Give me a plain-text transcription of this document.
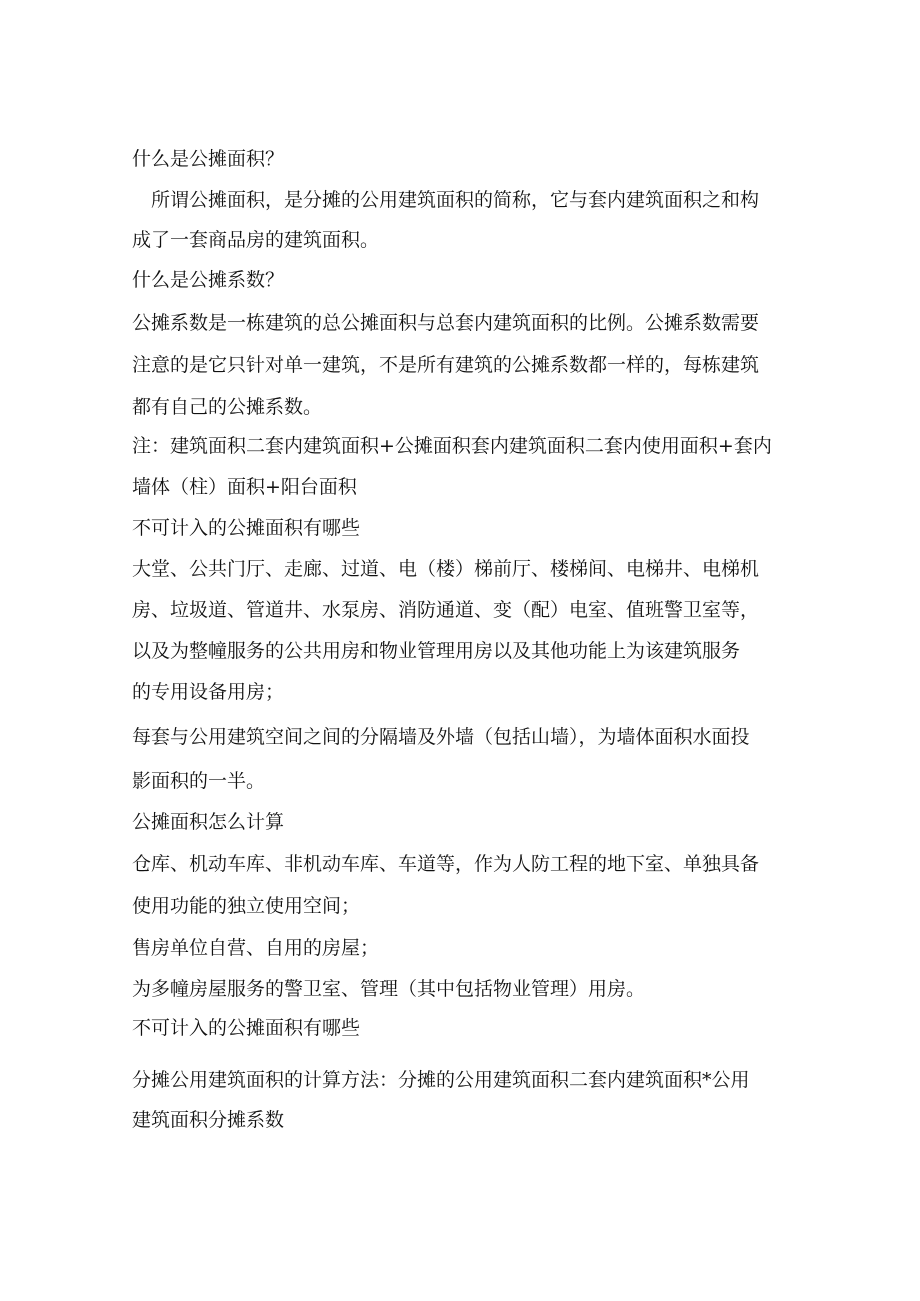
什么是公摊面积？

　所谓公摊面积，是分摊的公用建筑面积的简称，它与套内建筑面积之和构

成了一套商品房的建筑面积。

什么是公摊系数？

公摊系数是一栋建筑的总公摊面积与总套内建筑面积的比例。公摊系数需要

注意的是它只针对单一建筑，不是所有建筑的公摊系数都一样的，每栋建筑

都有自己的公摊系数。

注：建筑面积二套内建筑面积+公摊面积套内建筑面积二套内使用面积+套内

墙体（柱）面积+阳台面积

不可计入的公摊面积有哪些

大堂、公共门厅、走廊、过道、电（楼）梯前厅、楼梯间、电梯井、电梯机

房、垃圾道、管道井、水泵房、消防通道、变（配）电室、值班警卫室等，

以及为整幢服务的公共用房和物业管理用房以及其他功能上为该建筑服务

的专用设备用房；

每套与公用建筑空间之间的分隔墙及外墙（包括山墙），为墙体面积水面投

影面积的一半。

公摊面积怎么计算

仓库、机动车库、非机动车库、车道等，作为人防工程的地下室、单独具备

使用功能的独立使用空间；

售房单位自营、自用的房屋；

为多幢房屋服务的警卫室、管理（其中包括物业管理）用房。

不可计入的公摊面积有哪些

分摊公用建筑面积的计算方法：分摊的公用建筑面积二套内建筑面积*公用

建筑面积分摊系数
